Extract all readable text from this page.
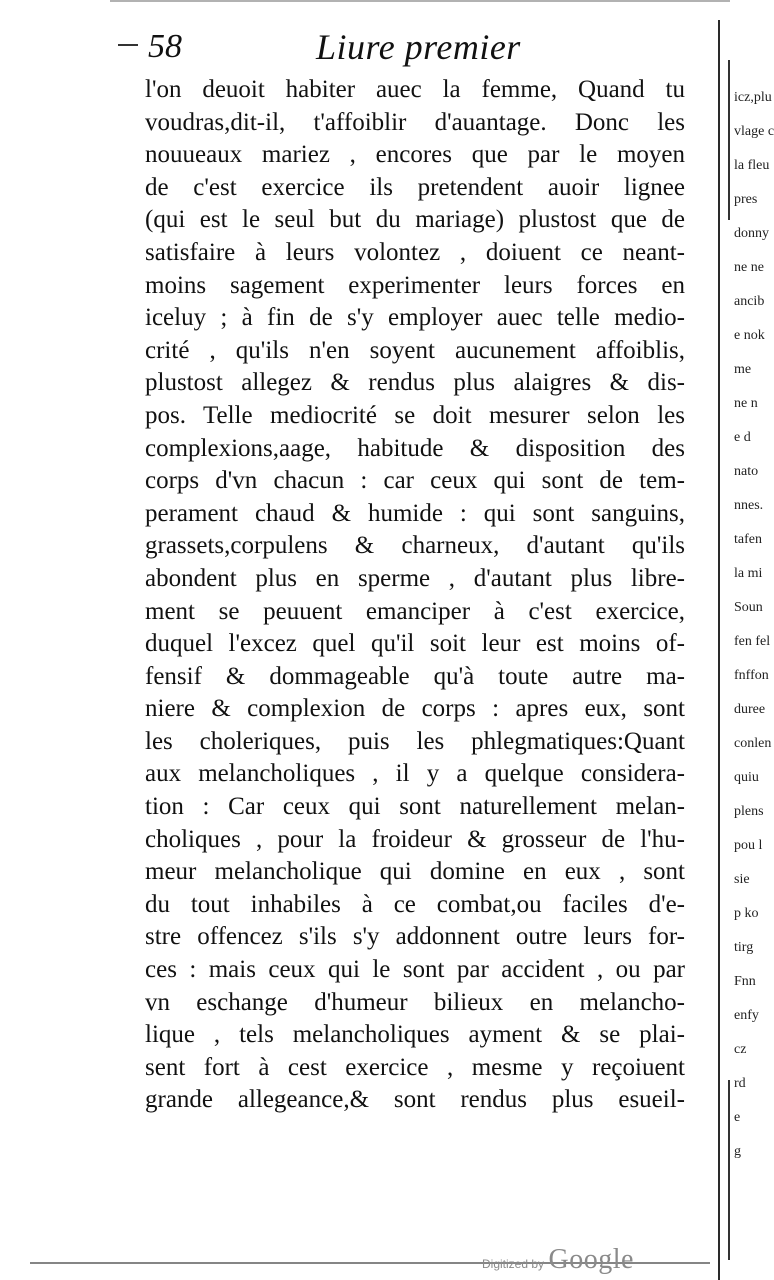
58	Liure premier
l'on deuoit habiter auec la femme, Quand tu
voudras,dit-il, t'affoiblir d'auantage. Donc les
nouueaux mariez , encores que par le moyen
de c'est exercice ils pretendent auoir lignee
(qui est le seul but du mariage) plustost que de
satisfaire à leurs volontez , doiuent ce neant-
moins sagement experimenter leurs forces en
iceluy ; à fin de s'y employer auec telle medio-
crité , qu'ils n'en soyent aucunement affoiblis,
plustost allegez & rendus plus alaigres & dis-
pos. Telle mediocrité se doit mesurer selon les
complexions,aage, habitude & disposition des
corps d'vn chacun : car ceux qui sont de tem-
perament chaud & humide : qui sont sanguins,
grassets,corpulens & charneux, d'autant qu'ils
abondent plus en sperme , d'autant plus libre-
ment se peuuent emanciper à c'est exercice,
duquel l'excez quel qu'il soit leur est moins of-
fensif & dommageable qu'à toute autre ma-
niere & complexion de corps : apres eux, sont
les choleriques, puis les phlegmatiques:Quant
aux melancholiques , il y a quelque considera-
tion : Car ceux qui sont naturellement melan-
choliques , pour la froideur & grosseur de l'hu-
meur melancholique qui domine en eux , sont
du tout inhabiles à ce combat,ou faciles d'e-
stre offencez s'ils s'y addonnent outre leurs for-
ces : mais ceux qui le sont par accident , ou par
vn eschange d'humeur bilieux en melancho-
lique , tels melancholiques ayment & se plai-
sent fort à cest exercice , mesme y reçoiuent
grande allegeance,& sont rendus plus esueil-
icz,plu
vlage c
la fleu
pres
donny
ne ne
ancib
e nok
me
ne n
e d
nato
nnes.
tafen
la mi
Soun
fen fel
fnffon
duree
conlen
quiu
plens
pou l
sie
p ko
tirg
Fnn
enfy
cz
rd
e
g
Digitized by Google
